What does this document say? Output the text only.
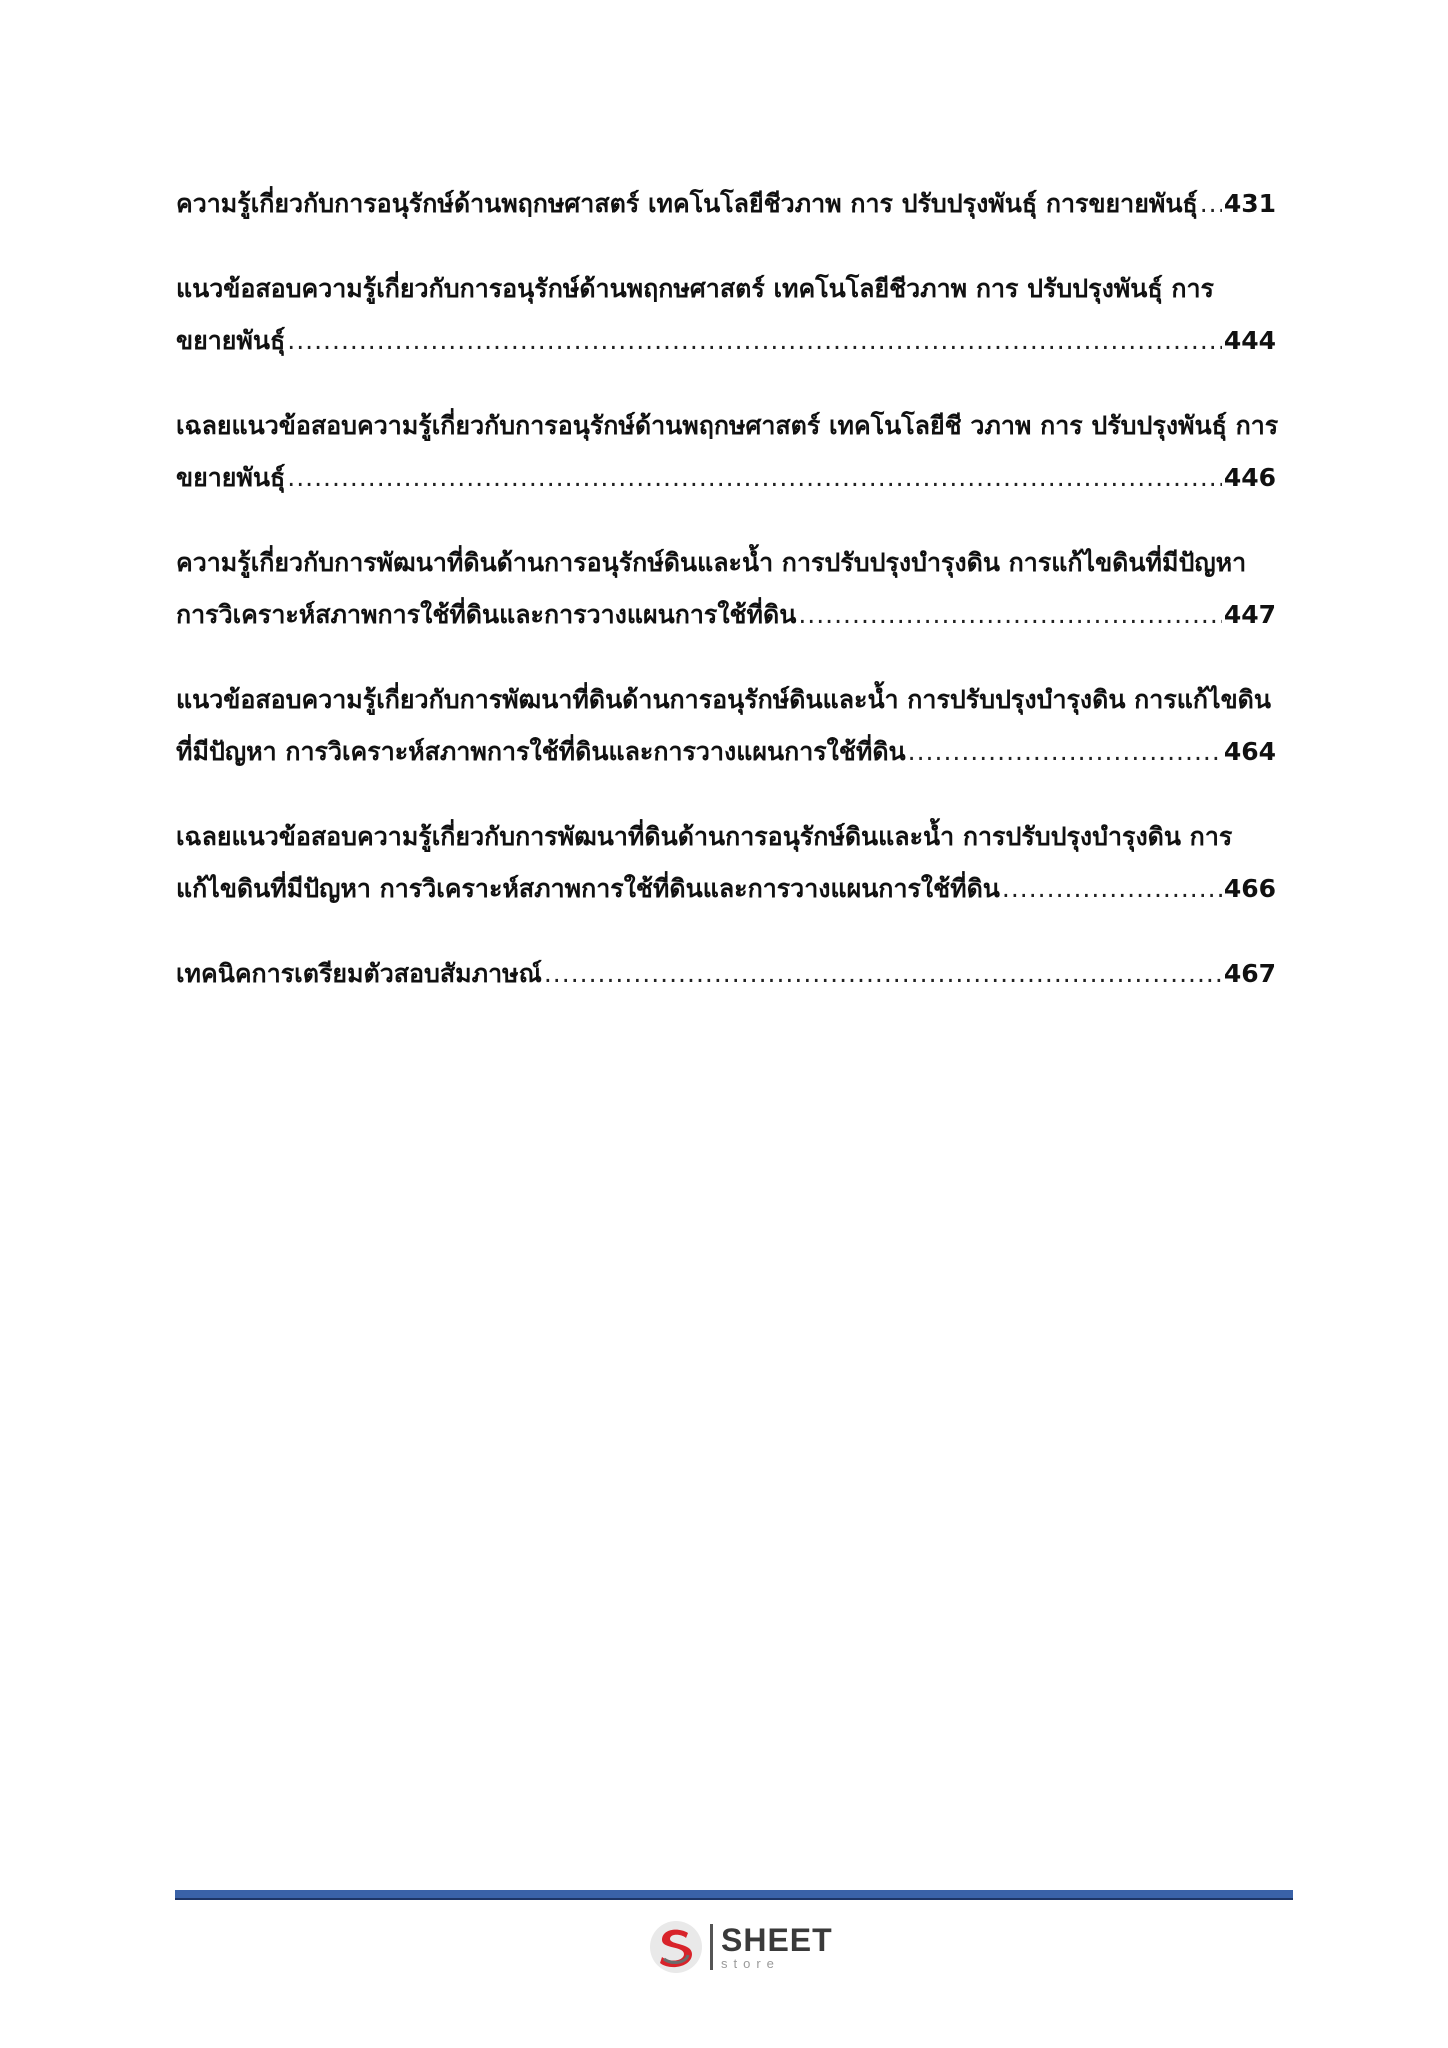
ความรู้เกี่ยวกับการอนุรักษ์ด้านพฤกษศาสตร์ เทคโนโลยีชีวภาพ การ ปรับปรุงพันธุ์ การขยายพันธุ์ ..... 431
แนวข้อสอบความรู้เกี่ยวกับการอนุรักษ์ด้านพฤกษศาสตร์ เทคโนโลยีชีวภาพ การ ปรับปรุงพันธุ์ การ
ขยายพันธุ์ .....	444
เฉลยแนวข้อสอบความรู้เกี่ยวกับการอนุรักษ์ด้านพฤกษศาสตร์ เทคโนโลยีชี วภาพ การ ปรับปรุงพันธุ์ การ
ขยายพันธุ์ .....	446
ความรู้เกี่ยวกับการพัฒนาที่ดินด้านการอนุรักษ์ดินและน้ำ การปรับปรุงบำรุงดิน การแก้ไขดินที่มีปัญหา
การวิเคราะห์สภาพการใช้ที่ดินและการวางแผนการใช้ที่ดิน .....	447
แนวข้อสอบความรู้เกี่ยวกับการพัฒนาที่ดินด้านการอนุรักษ์ดินและน้ำ การปรับปรุงบำรุงดิน การแก้ไขดิน
ที่มีปัญหา การวิเคราะห์สภาพการใช้ที่ดินและการวางแผนการใช้ที่ดิน .....	464
เฉลยแนวข้อสอบความรู้เกี่ยวกับการพัฒนาที่ดินด้านการอนุรักษ์ดินและน้ำ การปรับปรุงบำรุงดิน การ
แก้ไขดินที่มีปัญหา การวิเคราะห์สภาพการใช้ที่ดินและการวางแผนการใช้ที่ดิน .....	466
เทคนิคการเตรียมตัวสอบสัมภาษณ์ .....	467
SHEET
store
